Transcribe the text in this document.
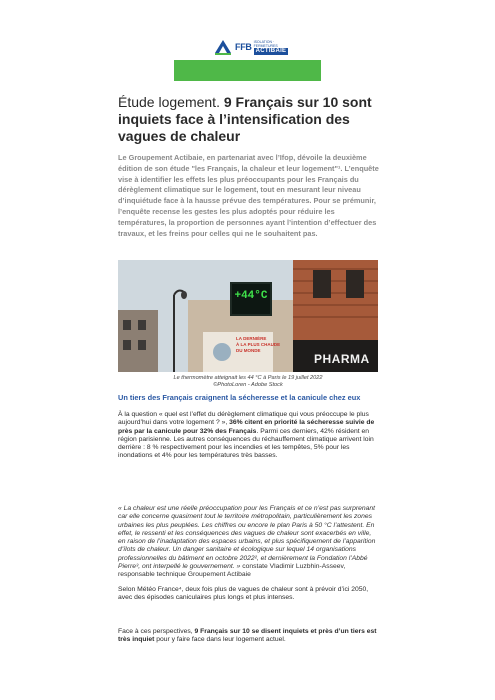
FFB
ISOLATION · FERMETURES
ACTIBAIE
Étude logement. 9 Français sur 10 sont inquiets face à l’intensification des vagues de chaleur

Le Groupement Actibaie, en partenariat avec l’Ifop, dévoile la deuxième édition de son étude "les Français, la chaleur et leur logement"¹. L’enquête vise à identifier les effets les plus préoccupants pour les Français du dérèglement climatique sur le logement, tout en mesurant leur niveau d’inquiétude face à la hausse prévue des températures. Pour se prémunir, l’enquête recense les gestes les plus adoptés pour réduire les températures, la proportion de personnes ayant l’intention d’effectuer des travaux, et les freins pour celles qui ne le souhaitent pas.

+44°C
LA DERNIÈRE
À LA PLUS CHAUDE
DU MONDE
PHARMA
Le thermomètre atteignait les 44 °C à Paris le 19 juillet 2022
©PhotoLoren - Adobe Stock
Un tiers des Français craignent la sécheresse et la canicule chez eux

À la question « quel est l’effet du dérèglement climatique qui vous préoccupe le plus aujourd’hui dans votre logement ? », 36% citent en priorité la sécheresse suivie de près par la canicule pour 32% des Français. Parmi ces derniers, 42% résident en région parisienne. Les autres conséquences du réchauffement climatique arrivent loin derrière : 8 % respectivement pour les incendies et les tempêtes, 5% pour les inondations et 4% pour les températures très basses.

« La chaleur est une réelle préoccupation pour les Français et ce n’est pas surprenant car elle concerne quasiment tout le territoire métropolitain, particulièrement les zones urbaines les plus peuplées. Les chiffres ou encore le plan Paris à 50 °C l’attestent. En effet, le ressenti et les conséquences des vagues de chaleur sont exacerbés en ville, en raison de l’inadaptation des espaces urbains, et plus spécifiquement de l’apparition d’îlots de chaleur. Un danger sanitaire et écologique sur lequel 14 organisations professionnelles du bâtiment en octobre 2022², et dernièrement la Fondation l’Abbé Pierre³, ont interpellé le gouvernement. » constate Vladimir Luzbhin-Asseev, responsable technique Groupement Actibaie

Selon Météo France⁴, deux fois plus de vagues de chaleur sont à prévoir d’ici 2050, avec des épisodes caniculaires plus longs et plus intenses.

Face à ces perspectives, 9 Français sur 10 se disent inquiets et près d’un tiers est très inquiet pour y faire face dans leur logement actuel.
